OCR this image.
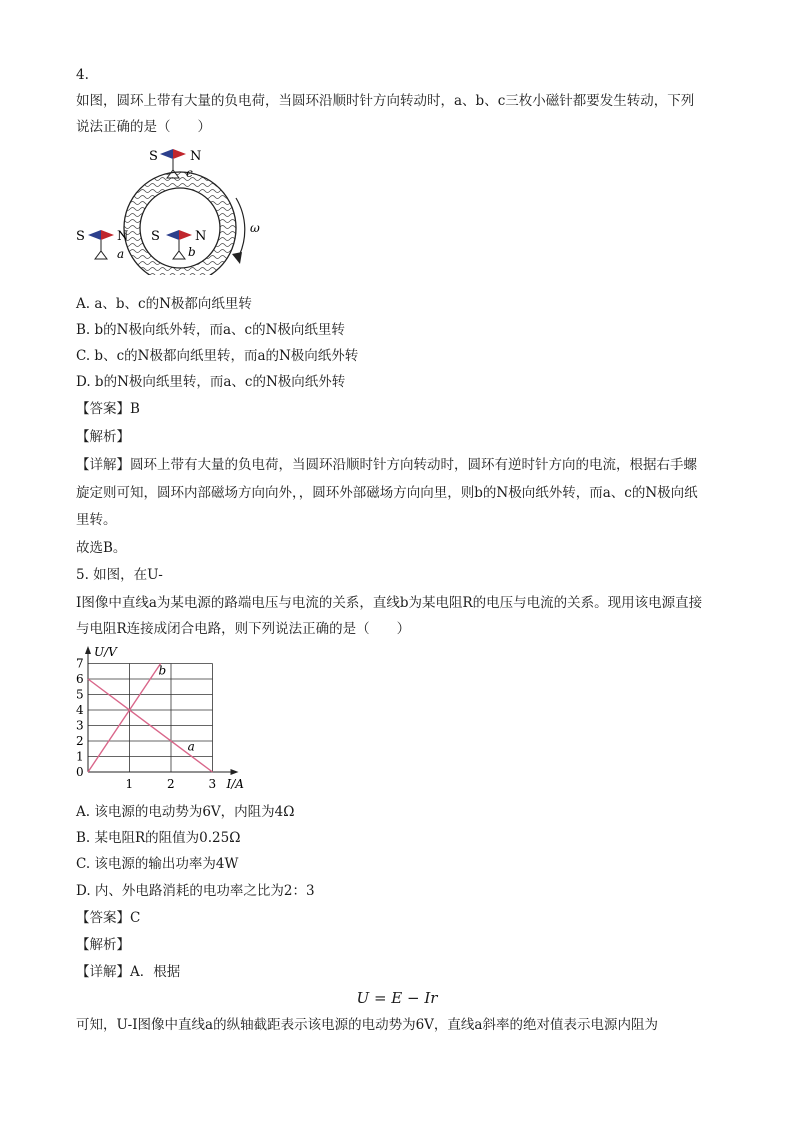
4.
如图，圆环上带有大量的负电荷，当圆环沿顺时针方向转动时，a、b、c三枚小磁针都要发生转动，下列
说法正确的是（　　）
ω
S N
c
S N
a
S	N
b
A. a、b、c的N极都向纸里转
B. b的N极向纸外转，而a、c的N极向纸里转
C. b、c的N极都向纸里转，而a的N极向纸外转
D. b的N极向纸里转，而a、c的N极向纸外转
【答案】B
【解析】
【详解】圆环上带有大量的负电荷，当圆环沿顺时针方向转动时，圆环有逆时针方向的电流，根据右手螺
旋定则可知，圆环内部磁场方向向外，，圆环外部磁场方向向里，则b的N极向纸外转，而a、c的N极向纸
里转。
故选B。
5. 如图，在U-
I图像中直线a为某电源的路端电压与电流的关系，直线b为某电阻R的电压与电流的关系。现用该电源直接
与电阻R连接成闭合电路，则下列说法正确的是（　　）
0
1
2
3
4
5
6
7
1	2	3
U/V
I/A
a
b
A. 该电源的电动势为6V，内阻为4Ω
B. 某电阻R的阻值为0.25Ω
C. 该电源的输出功率为4W
D. 内、外电路消耗的电功率之比为2：3
【答案】C
【解析】
【详解】A．根据
U = E − Ir
可知，U-I图像中直线a的纵轴截距表示该电源的电动势为6V，直线a斜率的绝对值表示电源内阻为
